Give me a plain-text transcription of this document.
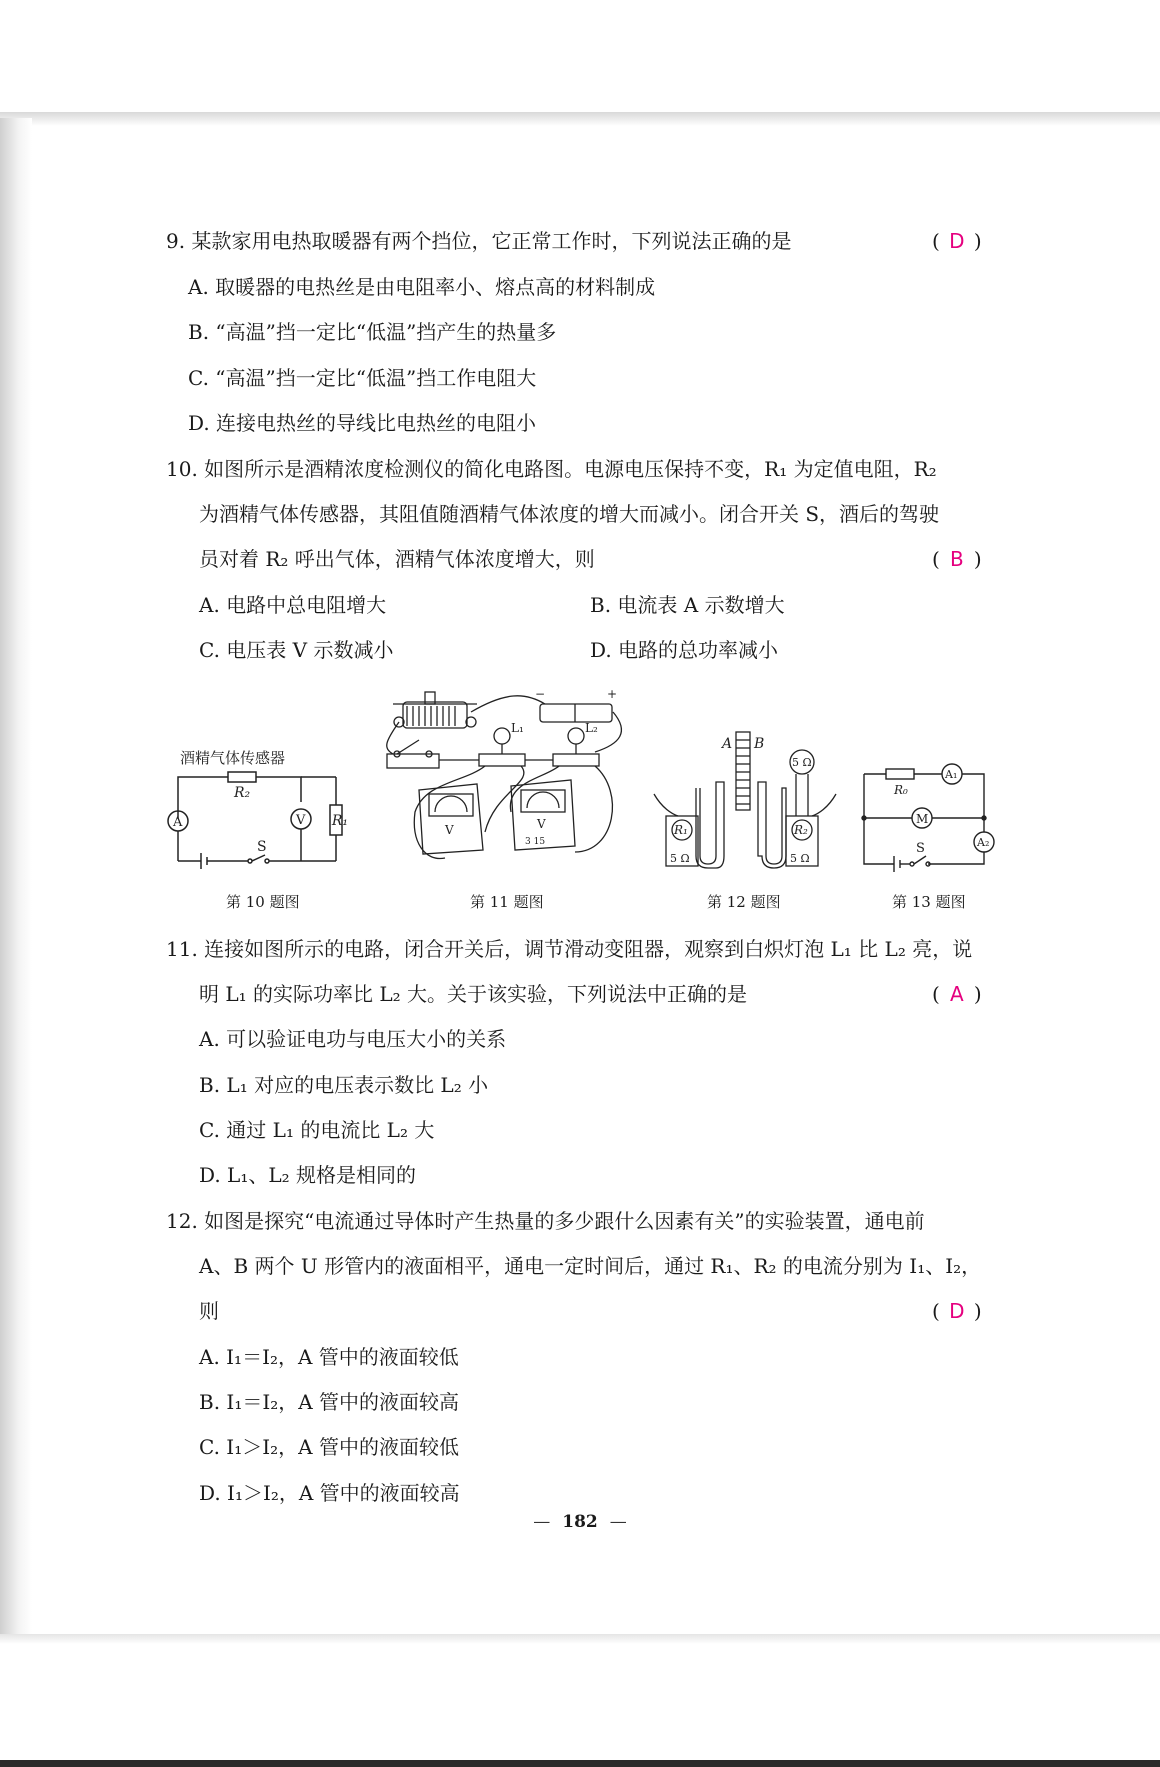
9. 某款家用电热取暖器有两个挡位，它正常工作时，下列说法正确的是	( D )
A. 取暖器的电热丝是由电阻率小、熔点高的材料制成
B. “高温”挡一定比“低温”挡产生的热量多
C. “高温”挡一定比“低温”挡工作电阻大
D. 连接电热丝的导线比电热丝的电阻小
10. 如图所示是酒精浓度检测仪的简化电路图。电源电压保持不变，R₁ 为定值电阻，R₂
为酒精气体传感器，其阻值随酒精气体浓度的增大而减小。闭合开关 S，酒后的驾驶
员对着 R₂ 呼出气体，酒精气体浓度增大，则	( B )
A. 电路中总电阻增大	B. 电流表 A 示数增大
C. 电压表 V 示数减小	D. 电路的总功率减小
酒精气体传感器
A	V
S
R₂
R₁
第 10 题图
−	+
L₁	L₂
V	V
3 15
第 11 题图
A B
R₁	R₂
5 Ω	5 Ω
5 Ω
第 12 题图
A₁
M
A₂
S
R₀
第 13 题图
11. 连接如图所示的电路，闭合开关后，调节滑动变阻器，观察到白炽灯泡 L₁ 比 L₂ 亮，说
明 L₁ 的实际功率比 L₂ 大。关于该实验，下列说法中正确的是	( A )
A. 可以验证电功与电压大小的关系
B. L₁ 对应的电压表示数比 L₂ 小
C. 通过 L₁ 的电流比 L₂ 大
D. L₁、L₂ 规格是相同的
12. 如图是探究“电流通过导体时产生热量的多少跟什么因素有关”的实验装置，通电前
A、B 两个 U 形管内的液面相平，通电一定时间后，通过 R₁、R₂ 的电流分别为 I₁、I₂，
则	( D )
A. I₁＝I₂，A 管中的液面较低
B. I₁＝I₂，A 管中的液面较高
C. I₁＞I₂，A 管中的液面较低
D. I₁＞I₂，A 管中的液面较高
— 182 —
